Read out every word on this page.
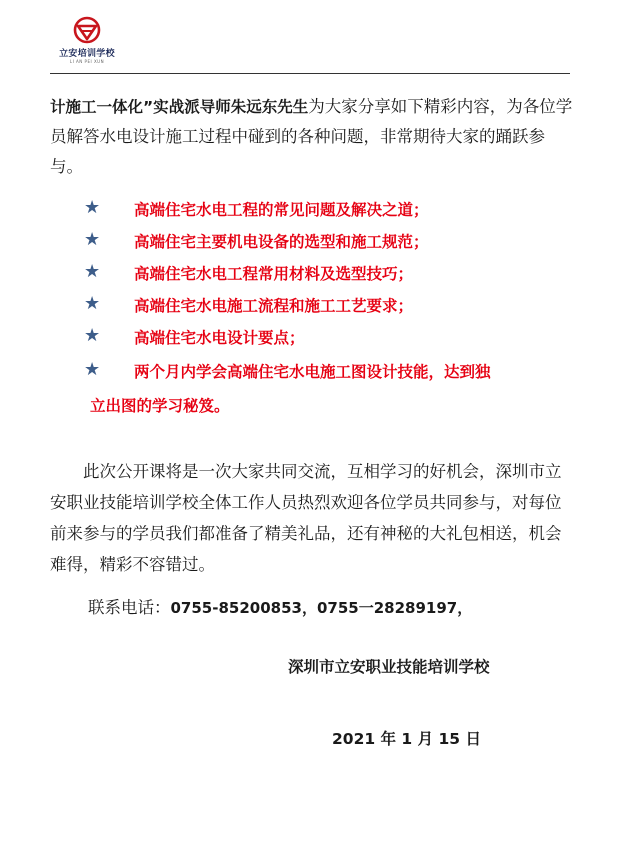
立安培训学校
LI AN PEI XUN
计施工一体化”实战派导师朱远东先生为大家分享如下精彩内容，为各位学员解答水电设计施工过程中碰到的各种问题，非常期待大家的踊跃参与。
★ 高端住宅水电工程的常见问题及解决之道；
★ 高端住宅主要机电设备的选型和施工规范；
★ 高端住宅水电工程常用材料及选型技巧；
★ 高端住宅水电施工流程和施工工艺要求；
★ 高端住宅水电设计要点；
★ 两个月内学会高端住宅水电施工图设计技能，达到独
立出图的学习秘笈。
此次公开课将是一次大家共同交流，互相学习的好机会，深圳市立安职业技能培训学校全体工作人员热烈欢迎各位学员共同参与，对每位前来参与的学员我们都准备了精美礼品，还有神秘的大礼包相送，机会难得，精彩不容错过。
联系电话：0755-85200853，0755一28289197，
深圳市立安职业技能培训学校
2021 年 1 月 15 日
